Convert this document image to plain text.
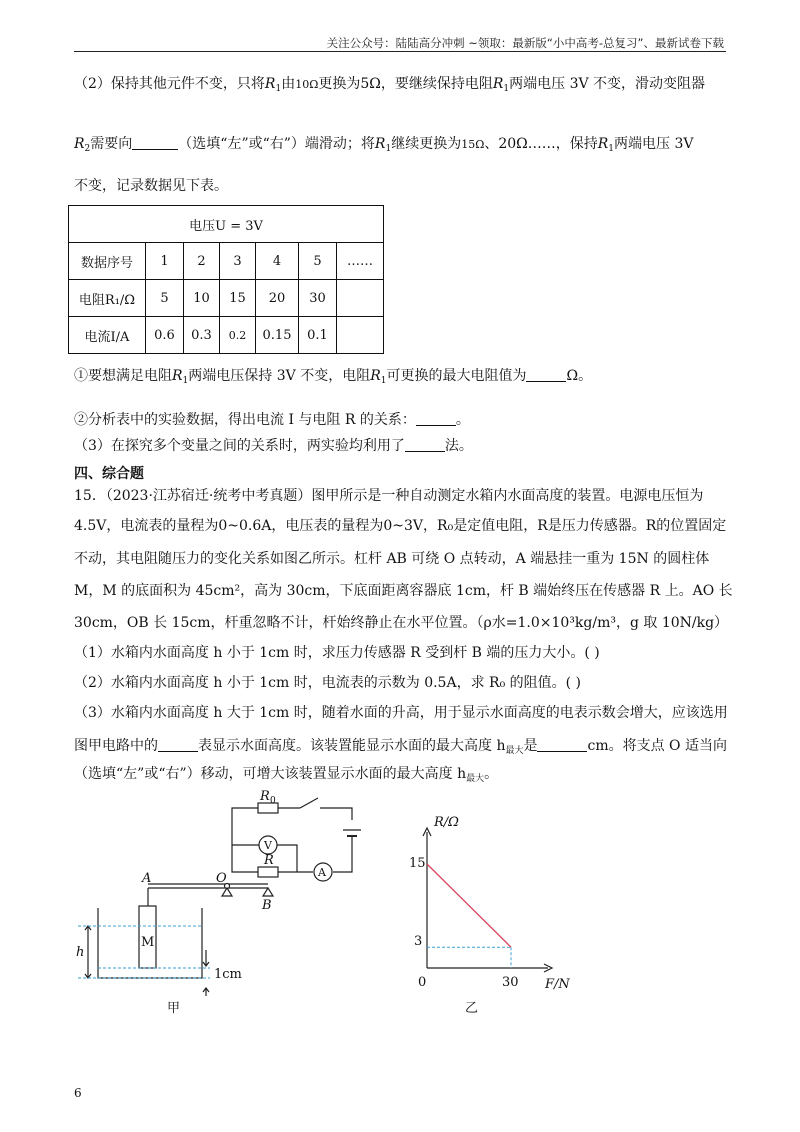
关注公众号：陆陆高分冲刺 ~领取：最新版“小中高考-总复习”、最新试卷下载
（2）保持其他元件不变，只将$R_1$由10Ω更换为5Ω，要继续保持电阻$R_1$两端电压 3V 不变，滑动变阻器
$R_2$需要向	（选填“左”或“右”）端滑动；将$R_1$继续更换为15Ω、20Ω……，保持$R_1$两端电压 3V
不变，记录数据见下表。
电压U = 3V						
数据序号	1	2	3	4	5	……
电阻R₁/Ω	5	10	15	20	30	
电流I/A	0.6	0.3	0.2	0.15	0.1	
①要想满足电阻$R_1$两端电压保持 3V 不变，电阻$R_1$可更换的最大电阻值为	Ω。
②分析表中的实验数据，得出电流 I 与电阻 R 的关系：	。
（3）在探究多个变量之间的关系时，两实验均利用了	法。
四、综合题
15．（2023·江苏宿迁·统考中考真题）图甲所示是一种自动测定水箱内水面高度的装置。电源电压恒为
4.5V，电流表的量程为0~0.6A，电压表的量程为0~3V，R₀是定值电阻，R是压力传感器。R的位置固定
不动，其电阻随压力的变化关系如图乙所示。杠杆 AB 可绕 O 点转动，A 端悬挂一重为 15N 的圆柱体
M，M 的底面积为 45cm²，高为 30cm，下底面距离容器底 1cm，杆 B 端始终压在传感器 R 上。AO 长
30cm，OB 长 15cm，杆重忽略不计，杆始终静止在水平位置。（ρ水=1.0×10³kg/m³，g 取 10N/kg）
（1）水箱内水面高度 h 小于 1cm 时，求压力传感器 R 受到杆 B 端的压力大小。( )
（2）水箱内水面高度 h 小于 1cm 时，电流表的示数为 0.5A，求 R₀ 的阻值。( )
（3）水箱内水面高度 h 大于 1cm 时，随着水面的升高，用于显示水面高度的电表示数会增大，应该选用
图甲电路中的	表显示水面高度。该装置能显示水面的最大高度 $h_{最大}$是	cm。将支点 O 适当向
（选填“左”或“右”）移动，可增大该装置显示水面的最大高度 $h_{最大}$。
R 0
V
A
R
A	O
B
M
h
1cm
甲
R/Ω
F/N
0
15
3
30
乙
6
